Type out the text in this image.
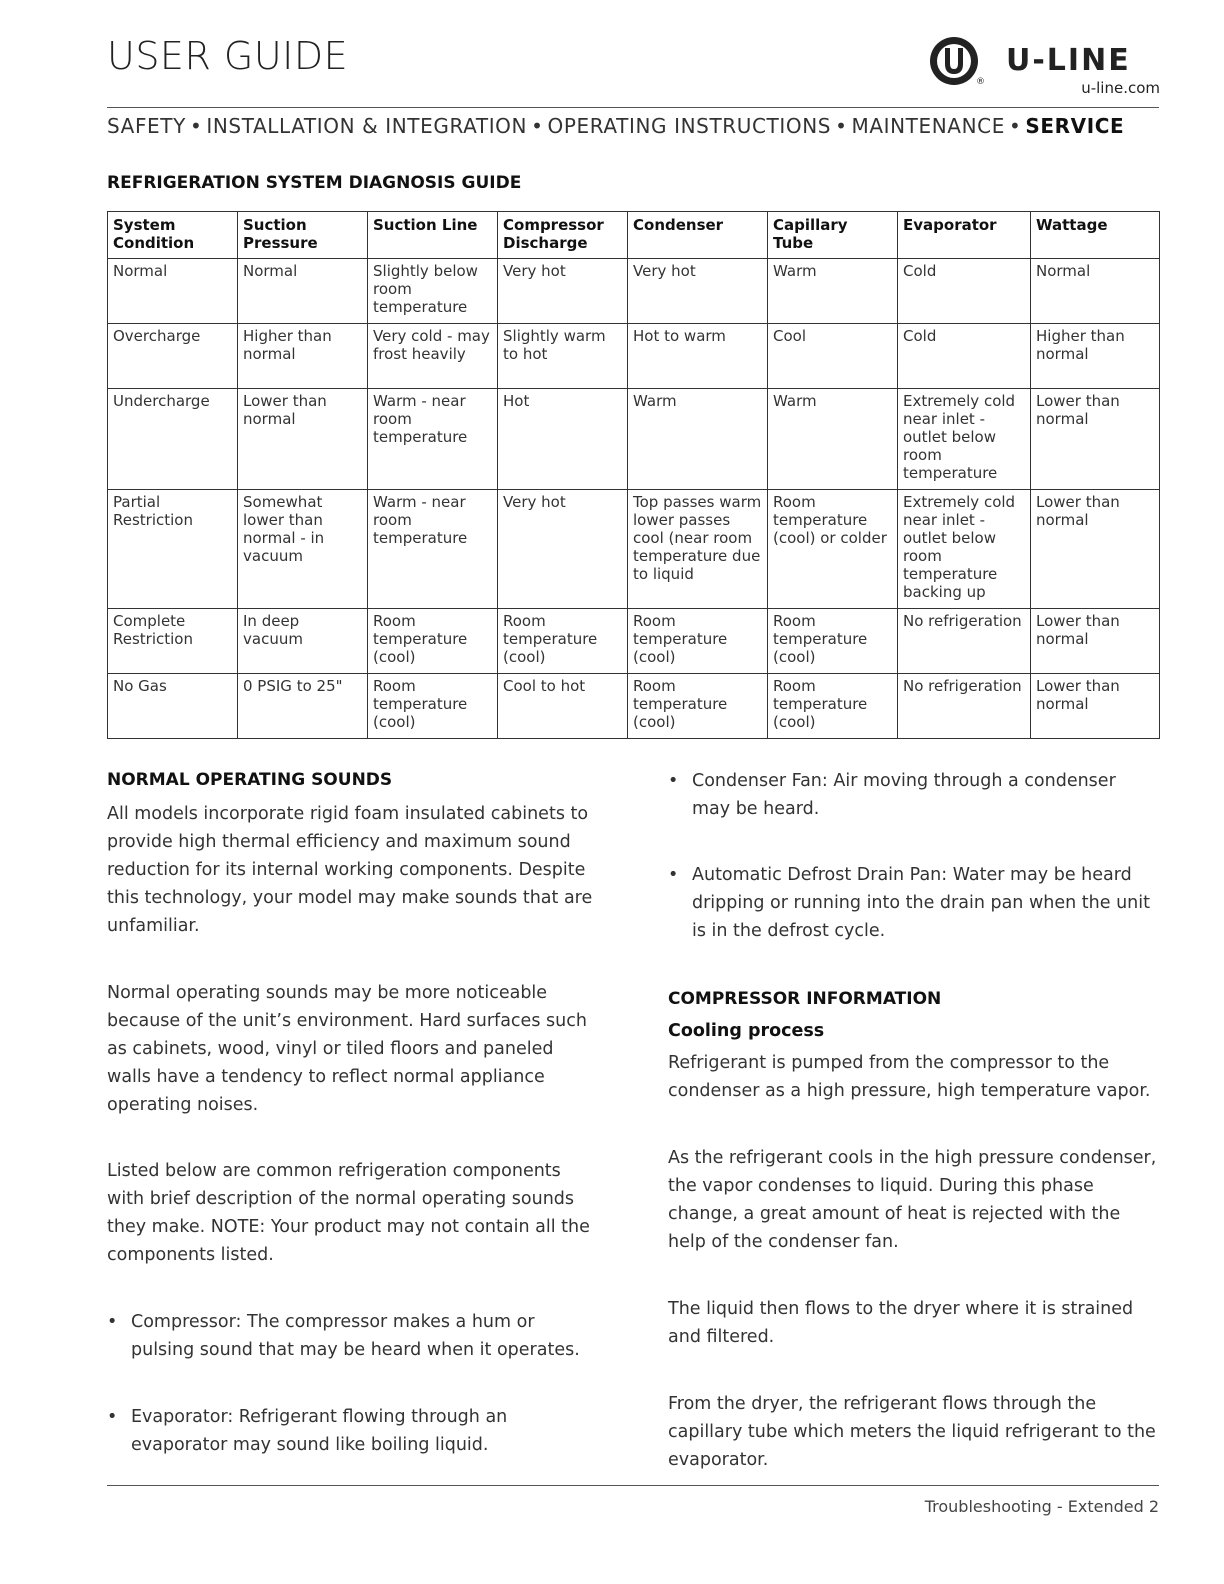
USER GUIDE
®
U-LINE
u-line.com
SAFETY • INSTALLATION & INTEGRATION • OPERATING INSTRUCTIONS • MAINTENANCE • SERVICE
REFRIGERATION SYSTEM DIAGNOSIS GUIDE
System Condition	Suction Pressure	Suction Line	Compressor Discharge	Condenser	Capillary Tube	Evaporator	Wattage
Normal	Normal	Slightly below room temperature	Very hot	Very hot	Warm	Cold	Normal
Overcharge	Higher than normal	Very cold - may frost heavily	Slightly warm to hot	Hot to warm	Cool	Cold	Higher than normal
Undercharge	Lower than normal	Warm - near room temperature	Hot	Warm	Warm	Extremely cold near inlet - outlet below room temperature	Lower than normal
Partial Restriction	Somewhat lower than normal - in vacuum	Warm - near room temperature	Very hot	Top passes warm lower passes cool (near room temperature due to liquid	Room temperature (cool) or colder	Extremely cold near inlet - outlet below room temperature backing up	Lower than normal
Complete Restriction	In deep vacuum	Room temperature (cool)	Room temperature (cool)	Room temperature (cool)	Room temperature (cool)	No refrigeration	Lower than normal
No Gas	0 PSIG to 25"	Room temperature (cool)	Cool to hot	Room temperature (cool)	Room temperature (cool)	No refrigeration	Lower than normal
NORMAL OPERATING SOUNDS

All models incorporate rigid foam insulated cabinets to provide high thermal efficiency and maximum sound reduction for its internal working components. Despite this technology, your model may make sounds that are unfamiliar.

Normal operating sounds may be more noticeable because of the unit’s environment. Hard surfaces such as cabinets, wood, vinyl or tiled floors and paneled walls have a tendency to reflect normal appliance operating noises.

Listed below are common refrigeration components with brief description of the normal operating sounds they make. NOTE: Your product may not contain all the components listed.

• Compressor: The compressor makes a hum or pulsing sound that may be heard when it operates.

• Evaporator: Refrigerant flowing through an evaporator may sound like boiling liquid.

• Condenser Fan: Air moving through a condenser may be heard.

• Automatic Defrost Drain Pan: Water may be heard dripping or running into the drain pan when the unit is in the defrost cycle.

COMPRESSOR INFORMATION
Cooling process

Refrigerant is pumped from the compressor to the condenser as a high pressure, high temperature vapor.

As the refrigerant cools in the high pressure condenser, the vapor condenses to liquid. During this phase change, a great amount of heat is rejected with the help of the condenser fan.

The liquid then flows to the dryer where it is strained and filtered.

From the dryer, the refrigerant flows through the capillary tube which meters the liquid refrigerant to the evaporator.

Troubleshooting - Extended 2
